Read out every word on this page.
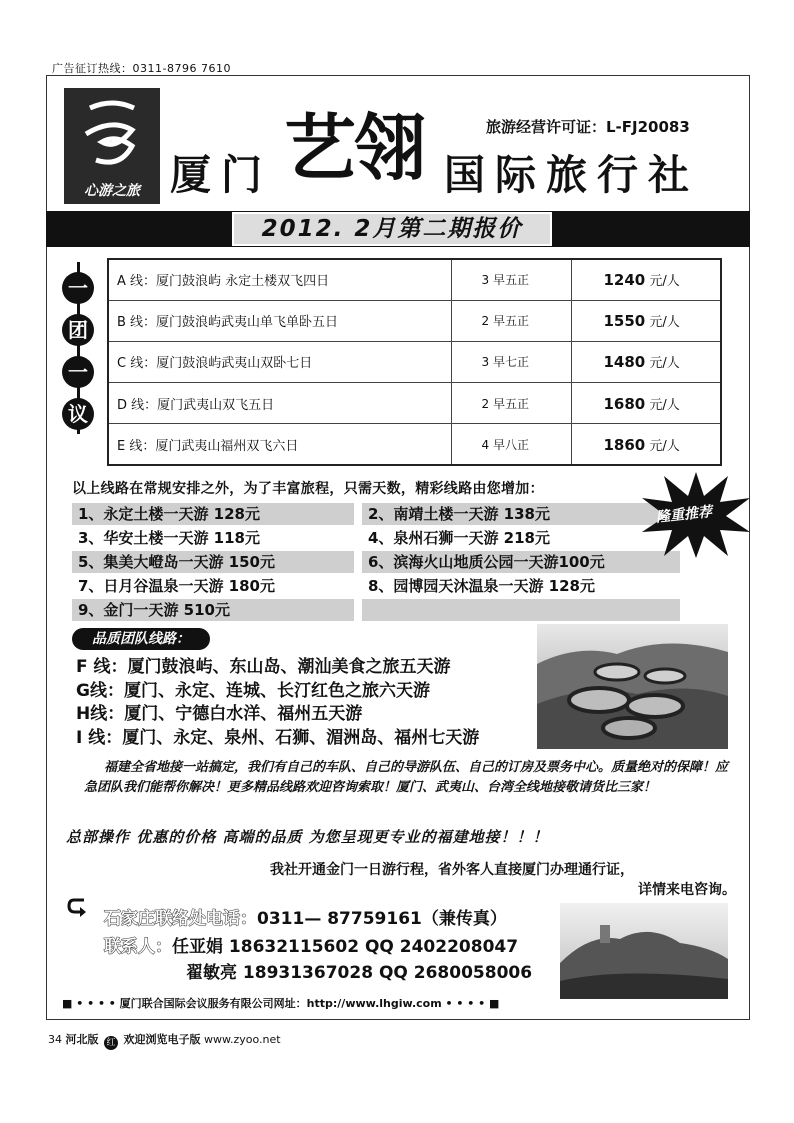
广告征订热线：0311-8796 7610
心游之旅
旅游经营许可证：L-FJ20083
厦门 艺翎 国际旅行社
2012. 2月第二期报价
一
团
一
议
A 线：厦门鼓浪屿 永定土楼双飞四日	3 早五正	1240 元/人
B 线：厦门鼓浪屿武夷山单飞单卧五日	2 早五正	1550 元/人
C 线：厦门鼓浪屿武夷山双卧七日	3 早七正	1480 元/人
D 线：厦门武夷山双飞五日	2 早五正	1680 元/人
E 线：厦门武夷山福州双飞六日	4 早八正	1860 元/人
以上线路在常规安排之外，为了丰富旅程，只需天数，精彩线路由您增加：
1、永定土楼一天游 128元	2、南靖土楼一天游 138元
3、华安土楼一天游 118元	4、泉州石狮一天游 218元
5、集美大嶝岛一天游 150元	6、滨海火山地质公园一天游100元
7、日月谷温泉一天游 180元	8、园博园天沐温泉一天游 128元
9、金门一天游 510元
隆重推荐
品质团队线路：
F 线：厦门鼓浪屿、东山岛、潮汕美食之旅五天游
G线：厦门、永定、连城、长汀红色之旅六天游
H线：厦门、宁德白水洋、福州五天游
I 线：厦门、永定、泉州、石狮、湄洲岛、福州七天游
福建全省地接一站搞定，我们有自己的车队、自己的导游队伍、自己的订房及票务中心。质量绝对的保障！应急团队我们能帮你解决！更多精品线路欢迎咨询索取！厦门、武夷山、台湾全线地接敬请货比三家！
总部操作 优惠的价格 高端的品质 为您呈现更专业的福建地接！！！
我社开通金门一日游行程，省外客人直接厦门办理通行证，
详情来电咨询。
石家庄联络处电话：0311— 87759161（兼传真）
联系人：任亚娟 18632115602 QQ 2402208047
翟敏亮 18931367028 QQ 2680058006
■ • • • • 厦门联合国际会议服务有限公司网址：http://www.lhgiw.com • • • • ■
34 河北版 红 欢迎浏览电子版 www.zyoo.net
